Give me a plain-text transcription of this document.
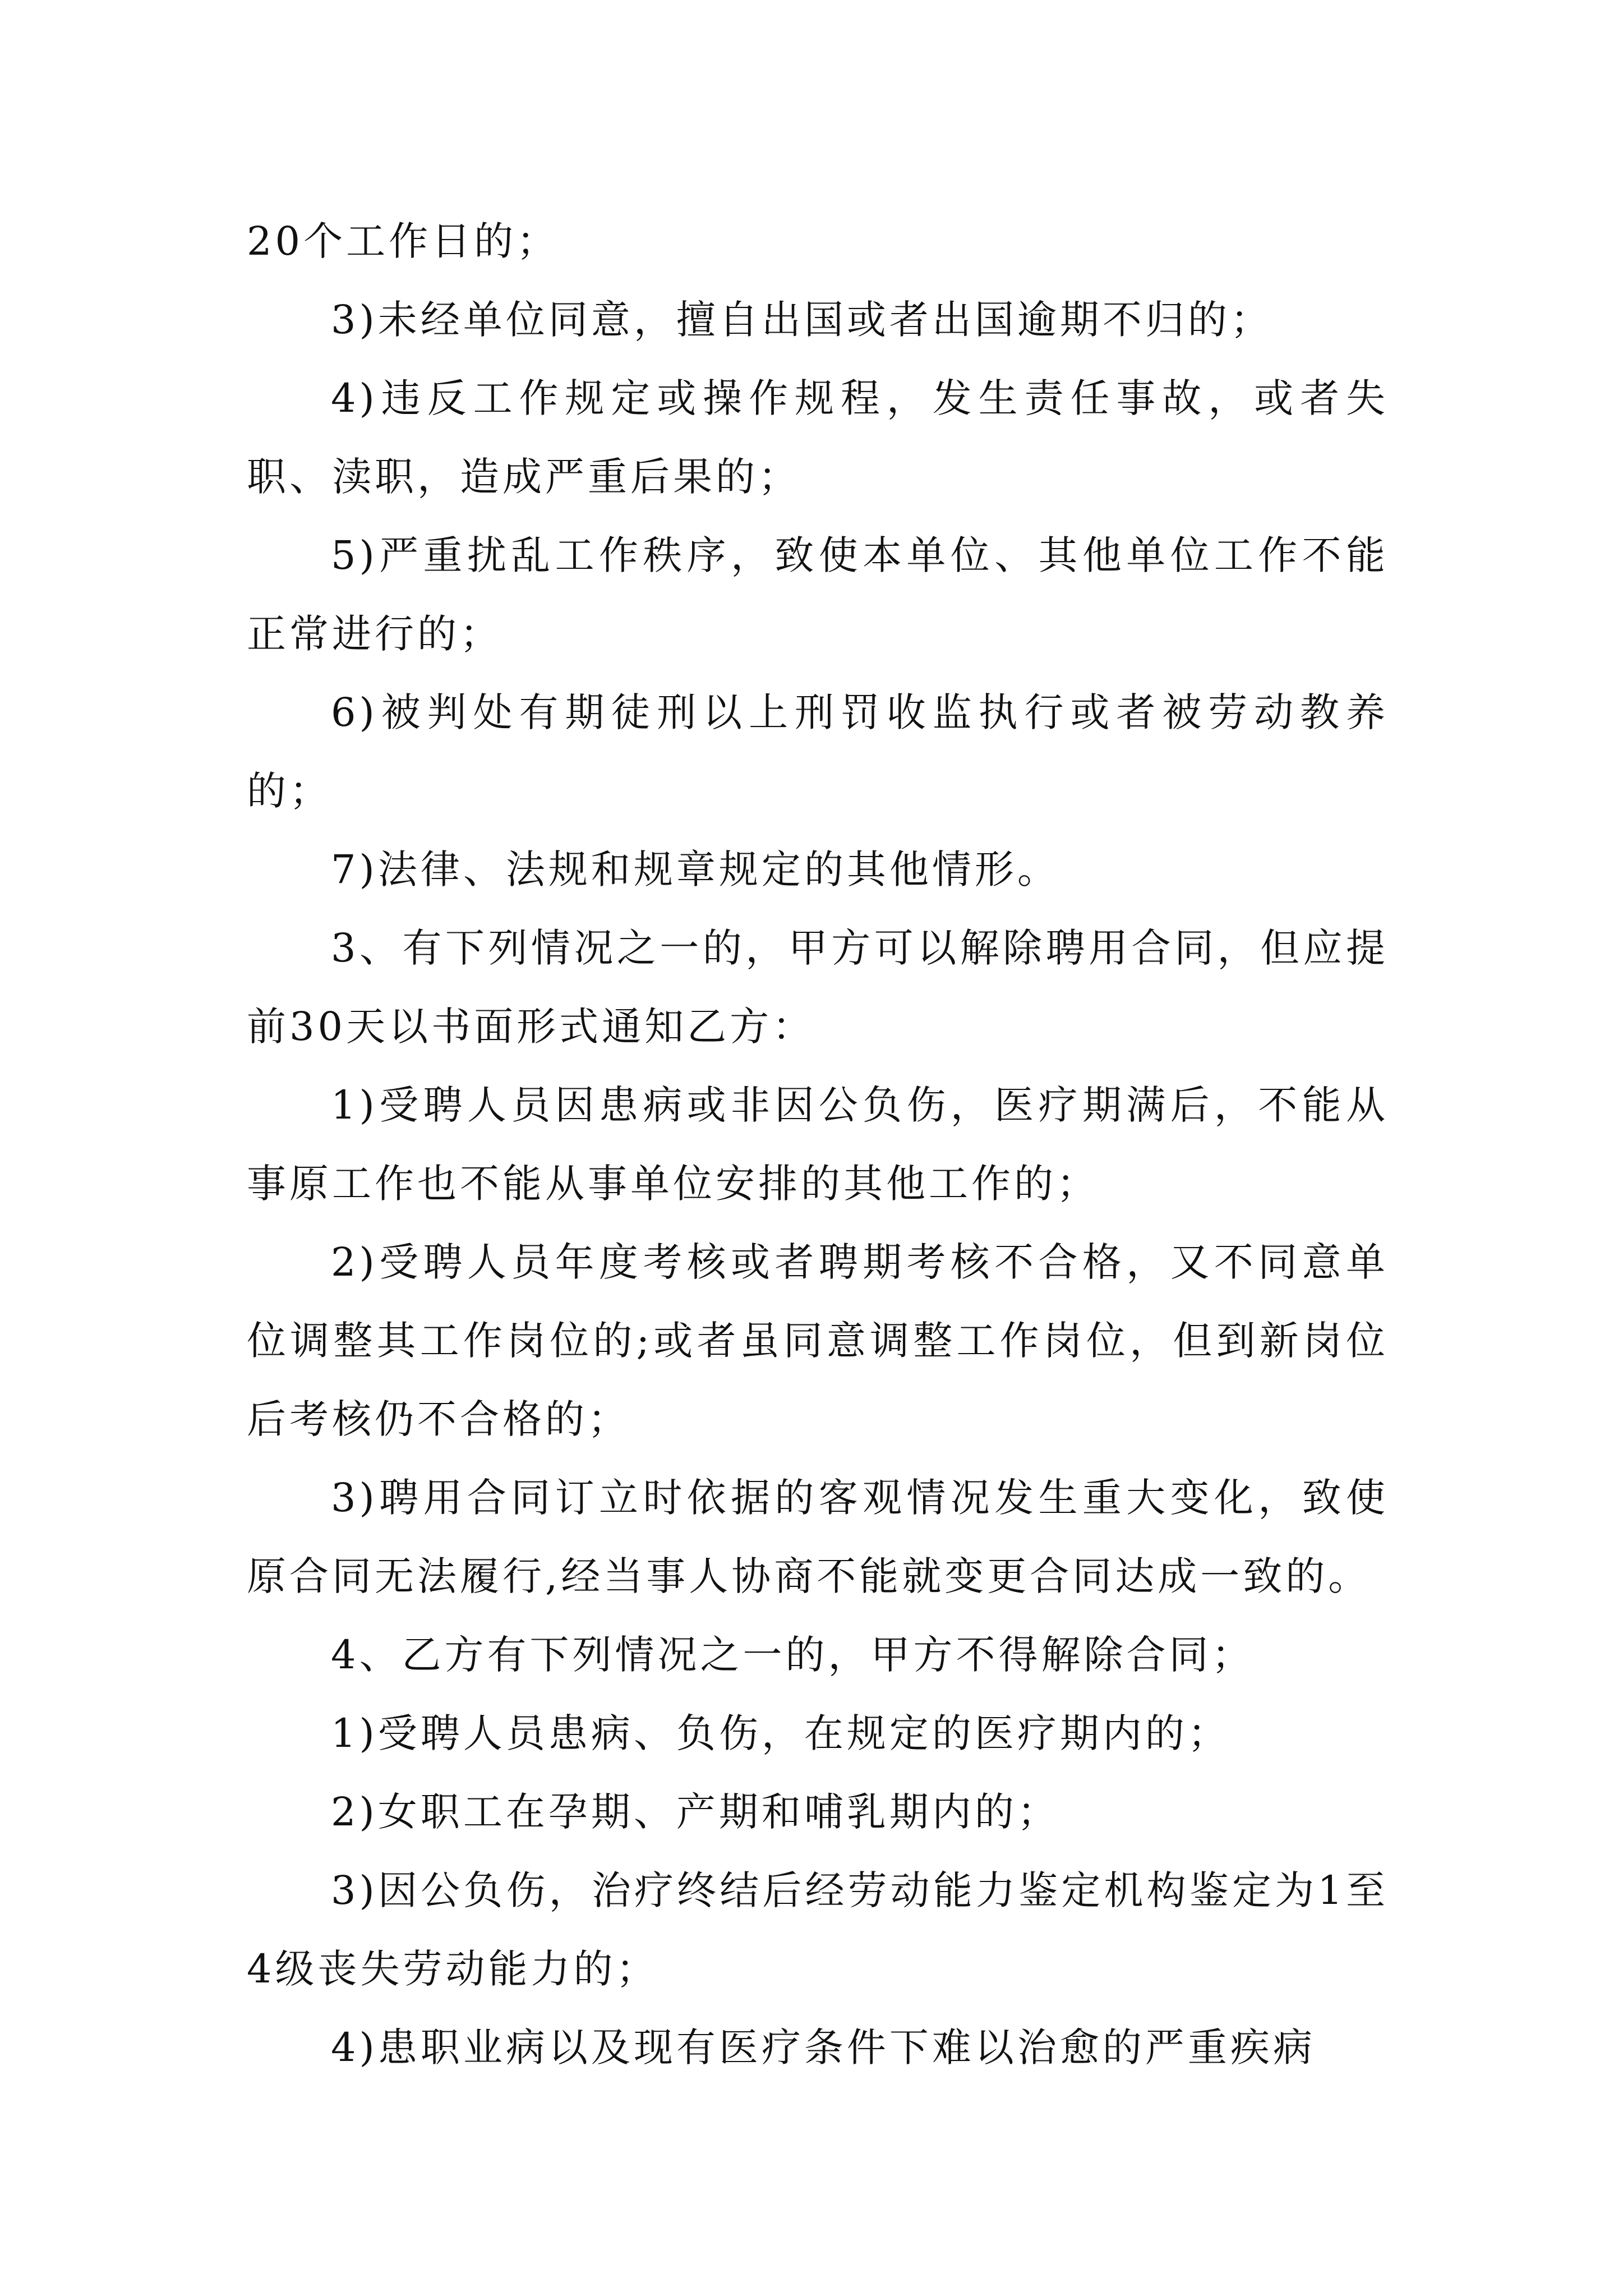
20个工作日的；

3)未经单位同意，擅自出国或者出国逾期不归的；

4)违反工作规定或操作规程，发生责任事故，或者失职、渎职，造成严重后果的；

5)严重扰乱工作秩序，致使本单位、其他单位工作不能正常进行的；

6)被判处有期徒刑以上刑罚收监执行或者被劳动教养的；

7)法律、法规和规章规定的其他情形。

3、有下列情况之一的，甲方可以解除聘用合同，但应提前30天以书面形式通知乙方：

1)受聘人员因患病或非因公负伤，医疗期满后，不能从事原工作也不能从事单位安排的其他工作的；

2)受聘人员年度考核或者聘期考核不合格，又不同意单位调整其工作岗位的;或者虽同意调整工作岗位，但到新岗位后考核仍不合格的；

3)聘用合同订立时依据的客观情况发生重大变化，致使原合同无法履行,经当事人协商不能就变更合同达成一致的。

4、乙方有下列情况之一的，甲方不得解除合同；

1)受聘人员患病、负伤，在规定的医疗期内的；

2)女职工在孕期、产期和哺乳期内的；

3)因公负伤，治疗终结后经劳动能力鉴定机构鉴定为1至4级丧失劳动能力的；

4)患职业病以及现有医疗条件下难以治愈的严重疾病
